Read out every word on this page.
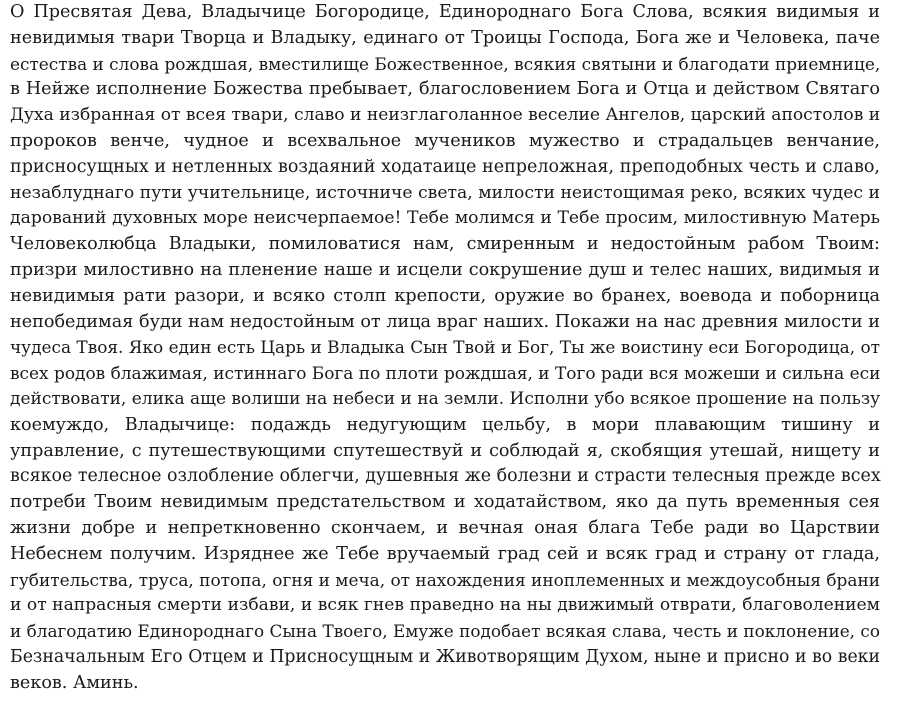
О Пресвятая Дева, Владычице Богородице, Единороднаго Бога Слова, всякия видимыя и
невидимыя твари Творца и Владыку, единаго от Троицы Господа, Бога же и Человека, паче
естества и слова рождшая, вместилище Божественное, всякия святыни и благодати приемнице,
в Нейже исполнение Божества пребывает, благословением Бога и Отца и действом Святаго
Духа избранная от всея твари, славо и неизглаголанное веселие Ангелов, царский апостолов и
пророков венче, чудное и всехвальное мучеников мужество и страдальцев венчание,
присносущных и нетленных воздаяний ходатаице непреложная, преподобных честь и славо,
незаблуднаго пути учительнице, источниче света, милости неистощимая реко, всяких чудес и
дарований духовных море неисчерпаемое! Тебе молимся и Тебе просим, милостивную Матерь
Человеколюбца Владыки, помиловатися нам, смиренным и недостойным рабом Твоим:
призри милостивно на пленение наше и исцели сокрушение душ и телес наших, видимыя и
невидимыя рати разори, и всяко столп крепости, оружие во бранех, воевода и поборница
непобедимая буди нам недостойным от лица враг наших. Покажи на нас древния милости и
чудеса Твоя. Яко един есть Царь и Владыка Сын Твой и Бог, Ты же воистину еси Богородица, от
всех родов блажимая, истиннаго Бога по плоти рождшая, и Того ради вся можеши и сильна еси
действовати, елика аще волиши на небеси и на земли. Исполни убо всякое прошение на пользу
коемуждо, Владычице: подаждь недугующим цельбу, в мори плавающим тишину и
управление, с путешествующими спутешествуй и соблюдай я, скобящия утешай, нищету и
всякое телесное озлобление облегчи, душевныя же болезни и страсти телесныя прежде всех
потреби Твоим невидимым предстательством и ходатайством, яко да путь временныя сея
жизни добре и непреткновенно скончаем, и вечная оная блага Тебе ради во Царствии
Небеснем получим. Изряднее же Тебе вручаемый град сей и всяк град и страну от глада,
губительства, труса, потопа, огня и меча, от нахождения иноплеменных и междоусобныя брани
и от напрасныя смерти избави, и всяк гнев праведно на ны движимый отврати, благоволением
и благодатию Единороднаго Сына Твоего, Емуже подобает всякая слава, честь и поклонение, со
Безначальным Его Отцем и Присносущным и Животворящим Духом, ныне и присно и во веки
веков. Аминь.
